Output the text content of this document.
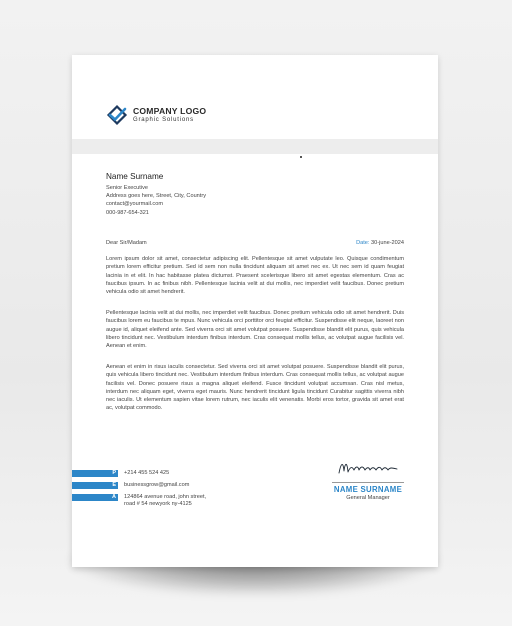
COMPANY LOGO
Graphic Solutions
Name Surname
Senior Executive
Address goes here, Street, City, Country
contact@yourmail.com
000-987-654-321
Dear Sir/Madam	Date: 30-june-2024
Lorem ipsum dolor sit amet, consectetur adipiscing elit. Pellentesque sit amet vulputate leo. Quisque condimentum pretium lorem efficitur pretium. Sed id sem non nulla tincidunt aliquam sit amet nec ex. Ut nec sem id quam feugiat lacinia in et elit. In hac habitasse platea dictumst. Praesent scelerisque libero sit amet egestas elementum. Cras ac faucibus ipsum. In ac finibus nibh. Pellentesque lacinia velit at dui mollis, nec imperdiet velit faucibus. Donec pretium vehicula odio sit amet hendrerit.
Pellentesque lacinia velit at dui mollis, nec imperdiet velit faucibus. Donec pretium vehicula odio sit amet hendrerit. Duis faucibus lorem eu faucibus te mpus. Nunc vehicula orci porttitor orci feugiat efficitur. Suspendisse elit neque, laoreet non augue id, aliquet eleifend ante. Sed viverra orci sit amet volutpat posuere. Suspendisse blandit elit purus, quis vehicula libero tincidunt nec. Vestibulum interdum finibus interdum. Cras consequat mollis tellus, ac volutpat augue facilisis vel. Aenean et enim.
Aenean et enim in risus iaculis consectetur. Sed viverra orci sit amet volutpat posuere. Suspendisse blandit elit purus, quis vehicula libero tincidunt nec. Vestibulum interdum finibus interdum. Cras consequat mollis tellus, ac volutpat augue facilisis vel. Donec posuere risus a magna aliquet eleifend. Fusce tincidunt volutpat accumsan. Cras nisl metus, interdum nec aliquam eget, viverra eget mauris. Nunc hendrerit tincidunt ligula tincidunt Curabitur sagittis viverra nibh nec iaculis. Ut elementum sapien vitae lorem rutrum, nec iaculis elit venenatis. Morbi eros tortor, gravida sit amet erat ac, volutpat commodo.
P +214 455 524 425
E businessgrow@gmail.com
A 124864 avenue road, john street,
road # 54 newyork ny-4125
NAME SURNAME
General Manager
